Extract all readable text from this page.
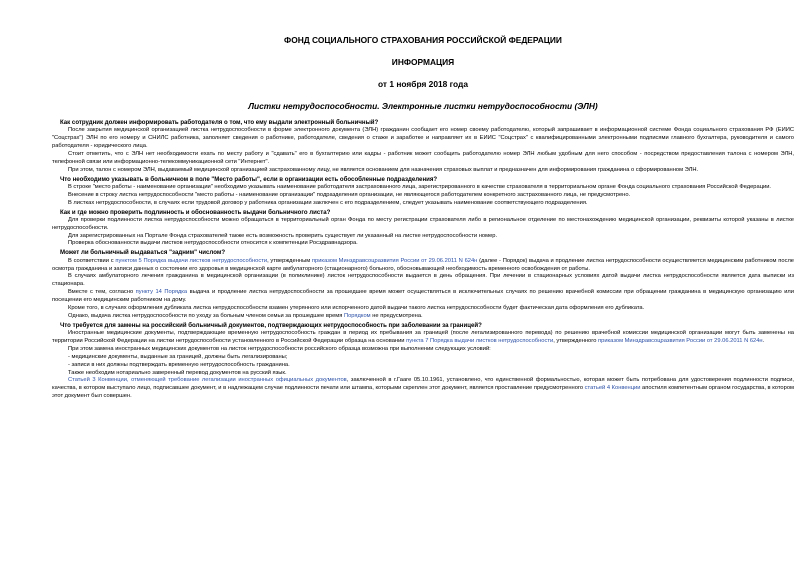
ФОНД СОЦИАЛЬНОГО СТРАХОВАНИЯ РОССИЙСКОЙ ФЕДЕРАЦИИ
ИНФОРМАЦИЯ
от 1 ноября 2018 года
Листки нетрудоспособности. Электронные листки нетрудоспособности (ЭЛН)
Как сотрудник должен информировать работодателя о том, что ему выдали электронный больничный?
После закрытия медицинской организацией листка нетрудоспособности в форме электронного документа (ЭЛН) гражданин сообщает его номер своему работодателю, который запрашивает в информационной системе Фонда социального страхования РФ (ЕИИС "Соцстрах") ЭЛН по его номеру и СНИЛС работника, заполняет сведения о работнике, работодателе, сведения о стаже и заработке и направляет их в ЕИИС "Соцстрах" с квалифицированными электронными подписями главного бухгалтера, руководителя и самого работодателя - юридического лица.
Стоит отметить, что с ЭЛН нет необходимости ехать по месту работу и "сдавать" его в бухгалтерию или кадры - работник может сообщить работодателю номер ЭЛН любым удобным для него способом - посредством предоставления талона с номером ЭЛН, телефонной связи или информационно-телекоммуникационной сети "Интернет".
При этом, талон с номером ЭЛН, выдаваемый медицинской организацией застрахованному лицу, не является основанием для назначения страховых выплат и предназначен для информирования гражданина о сформированном ЭЛН.
Что необходимо указывать в больничном в поле "Место работы", если в организации есть обособленные подразделения?
В строке "место работы - наименование организации" необходимо указывать наименование работодателя застрахованного лица, зарегистрированного в качестве страхователя в территориальном органе Фонда социального страхования Российской Федерации.
Внесение в строку листка нетрудоспособности "место работы - наименование организации" подразделения организации, не являющегося работодателем конкретного застрахованного лица, не предусмотрено.
В листках нетрудоспособности, в случаях если трудовой договор у работника организации заключен с его подразделением, следует указывать наименование соответствующего подразделения.
Как и где можно проверить подлинность и обоснованность выдачи больничного листа?
Для проверки подлинности листка нетрудоспособности можно обращаться в территориальный орган Фонда по месту регистрации страхователя либо в региональное отделение по местонахождению медицинской организации, реквизиты которой указаны в листке нетрудоспособности.
Для зарегистрированных на Портале Фонда страхователей также есть возможность проверить существует ли указанный на листке нетрудоспособности номер.
Проверка обоснованности выдачи листков нетрудоспособности относится к компетенции Росздравнадзора.
Может ли больничный выдаваться "задним" числом?
В соответствии с пунктом 5 Порядка выдачи листков нетрудоспособности, утвержденным приказом Минздравсоцразвития России от 29.06.2011 N 624н (далее - Порядок) выдача и продление листка нетрудоспособности осуществляется медицинским работником после осмотра гражданина и записи данных о состоянии его здоровья в медицинской карте амбулаторного (стационарного) больного, обосновывающей необходимость временного освобождения от работы.
В случаях амбулаторного лечения гражданина в медицинской организации (в поликлинике) листок нетрудоспособности выдается в день обращения. При лечении в стационарных условиях датой выдачи листка нетрудоспособности является дата выписки из стационара.
Вместе с тем, согласно пункту 14 Порядка выдача и продление листка нетрудоспособности за прошедшее время может осуществляться в исключительных случаях по решению врачебной комиссии при обращении гражданина в медицинскую организацию или посещении его медицинским работником на дому.
Кроме того, в случаях оформления дубликата листка нетрудоспособности взамен утерянного или испорченного датой выдачи такого листка нетрудоспособности будет фактическая дата оформления его дубликата.
Однако, выдача листка нетрудоспособности по уходу за больным членом семьи за прошедшее время Порядком не предусмотрена.
Что требуется для замены на российский больничный документов, подтверждающих нетрудоспособность при заболевании за границей?
Иностранные медицинские документы, подтверждающие временную нетрудоспособность граждан в период их пребывания за границей (после легализированного перевода) по решению врачебной комиссии медицинской организации могут быть заменены на территории Российской Федерации на листки нетрудоспособности установленного в Российской Федерации образца на основании пункта 7 Порядка выдачи листков нетрудоспособности, утвержденного приказом Минздравсоцразвития России от 29.06.2011 N 624н.
При этом замена иностранных медицинских документов на листок нетрудоспособности российского образца возможна при выполнении следующих условий:
- медицинские документы, выданные за границей, должны быть легализированы;
- записи в них должны подтверждать временную нетрудоспособность гражданина.
Также необходим нотариально заверенный перевод документов на русский язык.
Статьей 3 Конвенции, отменяющей требование легализации иностранных официальных документов, заключенной в г.Гааге 05.10.1961, установлено, что единственной формальностью, которая может быть потребована для удостоверения подлинности подписи, качества, в котором выступало лицо, подписавшее документ, и в надлежащем случае подлинности печати или штампа, которыми скреплен этот документ, является проставление предусмотренного статьей 4 Конвенции апостиля компетентным органом государства, в котором этот документ был совершен.
